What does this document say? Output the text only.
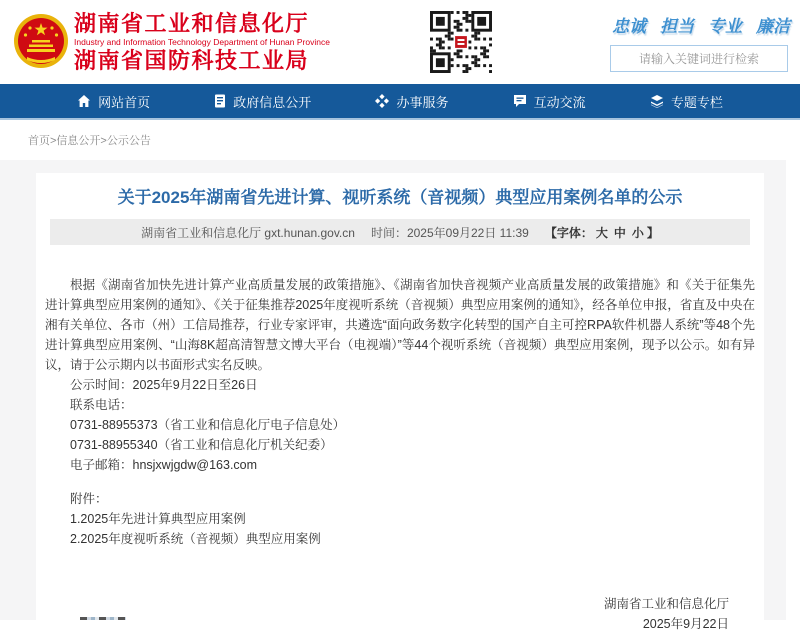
湖南省工业和信息化厅
Industry and Information Technology Department of Hunan Province
湖南省国防科技工业局
忠诚 担当 专业 廉洁
请输入关键词进行检索
网站首页	政府信息公开	办事服务	互动交流	专题专栏
首页>信息公开>公示公告
关于2025年湖南省先进计算、视听系统（音视频）典型应用案例名单的公示
湖南省工业和信息化厅 gxt.hunan.gov.cn 时间：2025年09月22日 11:39 【字体： 大 中 小 】

根据《湖南省加快先进计算产业高质量发展的政策措施》、《湖南省加快音视频产业高质量发展的政策措施》和《关于征集先进计算典型应用案例的通知》、《关于征集推荐2025年度视听系统（音视频）典型应用案例的通知》，经各单位申报，省直及中央在湘有关单位、各市（州）工信局推荐，行业专家评审，共遴选“面向政务数字化转型的国产自主可控RPA软件机器人系统”等48个先进计算典型应用案例、“山海8K超高清智慧文博大平台（电视端）”等44个视听系统（音视频）典型应用案例，现予以公示。如有异议，请于公示期内以书面形式实名反映。

公示时间：2025年9月22日至26日

联系电话：

0731-88955373（省工业和信息化厅电子信息处）

0731-88955340（省工业和信息化厅机关纪委）

电子邮箱：hnsjxwjgdw@163.com

附件：

1.2025年先进计算典型应用案例

2.2025年度视听系统（音视频）典型应用案例

湖南省工业和信息化厅

2025年9月22日
